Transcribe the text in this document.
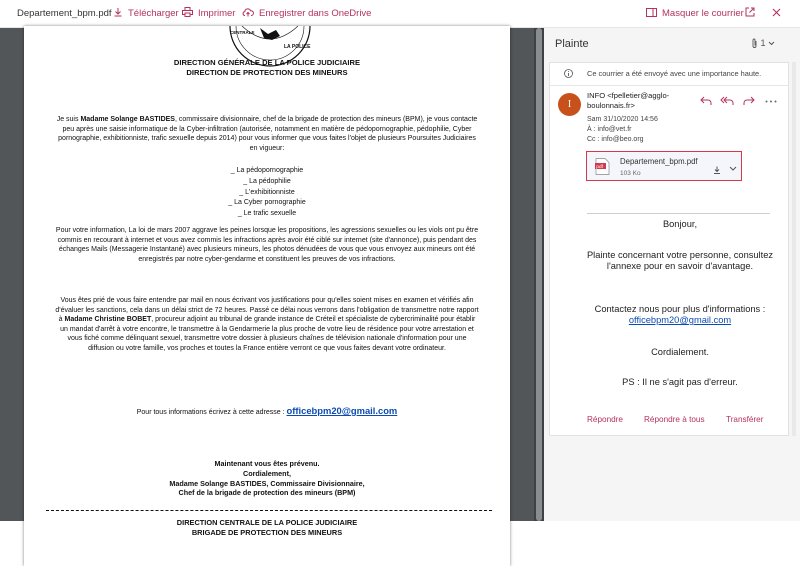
Departement_bpm.pdf	Télécharger	Imprimer	Enregistrer dans OneDrive	Masquer le courrier
LA POLICE
CENTRALE
DIRECTION GÉNÉRALE DE LA POLICE JUDICIAIRE
DIRECTION DE PROTECTION DES MINEURS
Je suis Madame Solange BASTIDES, commissaire divisionnaire, chef de la brigade de protection des mineurs (BPM), je vous contacte peu après une saisie informatique de la Cyber-infiltration (autorisée, notamment en matière de pédopornographie, pédophilie, Cyber pornographie, exhibitionniste, trafic sexuelle depuis 2014) pour vous informer que vous faites l'objet de plusieurs Poursuites Judiciaires en vigueur:
_ La pédopornographie
_ La pédophilie
_ L'exhibitionniste
_ La Cyber pornographie
_ Le trafic sexuelle
Pour votre information, La loi de mars 2007 aggrave les peines lorsque les propositions, les agressions sexuelles ou les viols ont pu être commis en recourant à internet et vous avez commis les infractions après avoir été ciblé sur internet (site d'annonce), puis pendant des échanges Mails (Messagerie Instantané) avec plusieurs mineurs, les photos dénudées de vous que vous envoyez aux mineurs ont été enregistrés par notre cyber-gendarme et constituent les preuves de vos infractions.
Vous êtes prié de vous faire entendre par mail en nous écrivant vos justifications pour qu'elles soient mises en examen et vérifiés afin d'évaluer les sanctions, cela dans un délai strict de 72 heures. Passé ce délai nous verrons dans l'obligation de transmettre notre rapport à Madame Christine BOBET, procureur adjoint au tribunal de grande instance de Créteil et spécialiste de cybercriminalité pour établir un mandat d'arrêt à votre encontre, le transmettre à la Gendarmerie la plus proche de votre lieu de résidence pour votre arrestation et vous fiché comme délinquant sexuel, transmettre votre dossier à plusieurs chaînes de télévision nationale d'information pour une diffusion ou votre famille, vos proches et toutes la France entière verront ce que vous faites devant votre ordinateur.
Pour tous informations écrivez à cette adresse : officebpm20@gmail.com
Maintenant vous êtes prévenu.
Cordialement,
Madame Solange BASTIDES, Commissaire Divisionnaire,
Chef de la brigade de protection des mineurs (BPM)
DIRECTION CENTRALE DE LA POLICE JUDICIAIRE
BRIGADE DE PROTECTION DES MINEURS
Plainte	1
Ce courrier a été envoyé avec une importance haute.
I
INFO <fpelletier@agglo-boulonnais.fr>
Sam 31/10/2020 14:56
À : info@vet.fr
Cc : info@beo.org
pdf
Departement_bpm.pdf
103 Ko
Bonjour,
Plainte concernant votre personne, consultez l'annexe pour en savoir d'avantage.
Contactez nous pour plus d'informations : officebpm20@gmail.com
Cordialement.
PS : Il ne s'agit pas d'erreur.
Répondre	Répondre à tous	Transférer
